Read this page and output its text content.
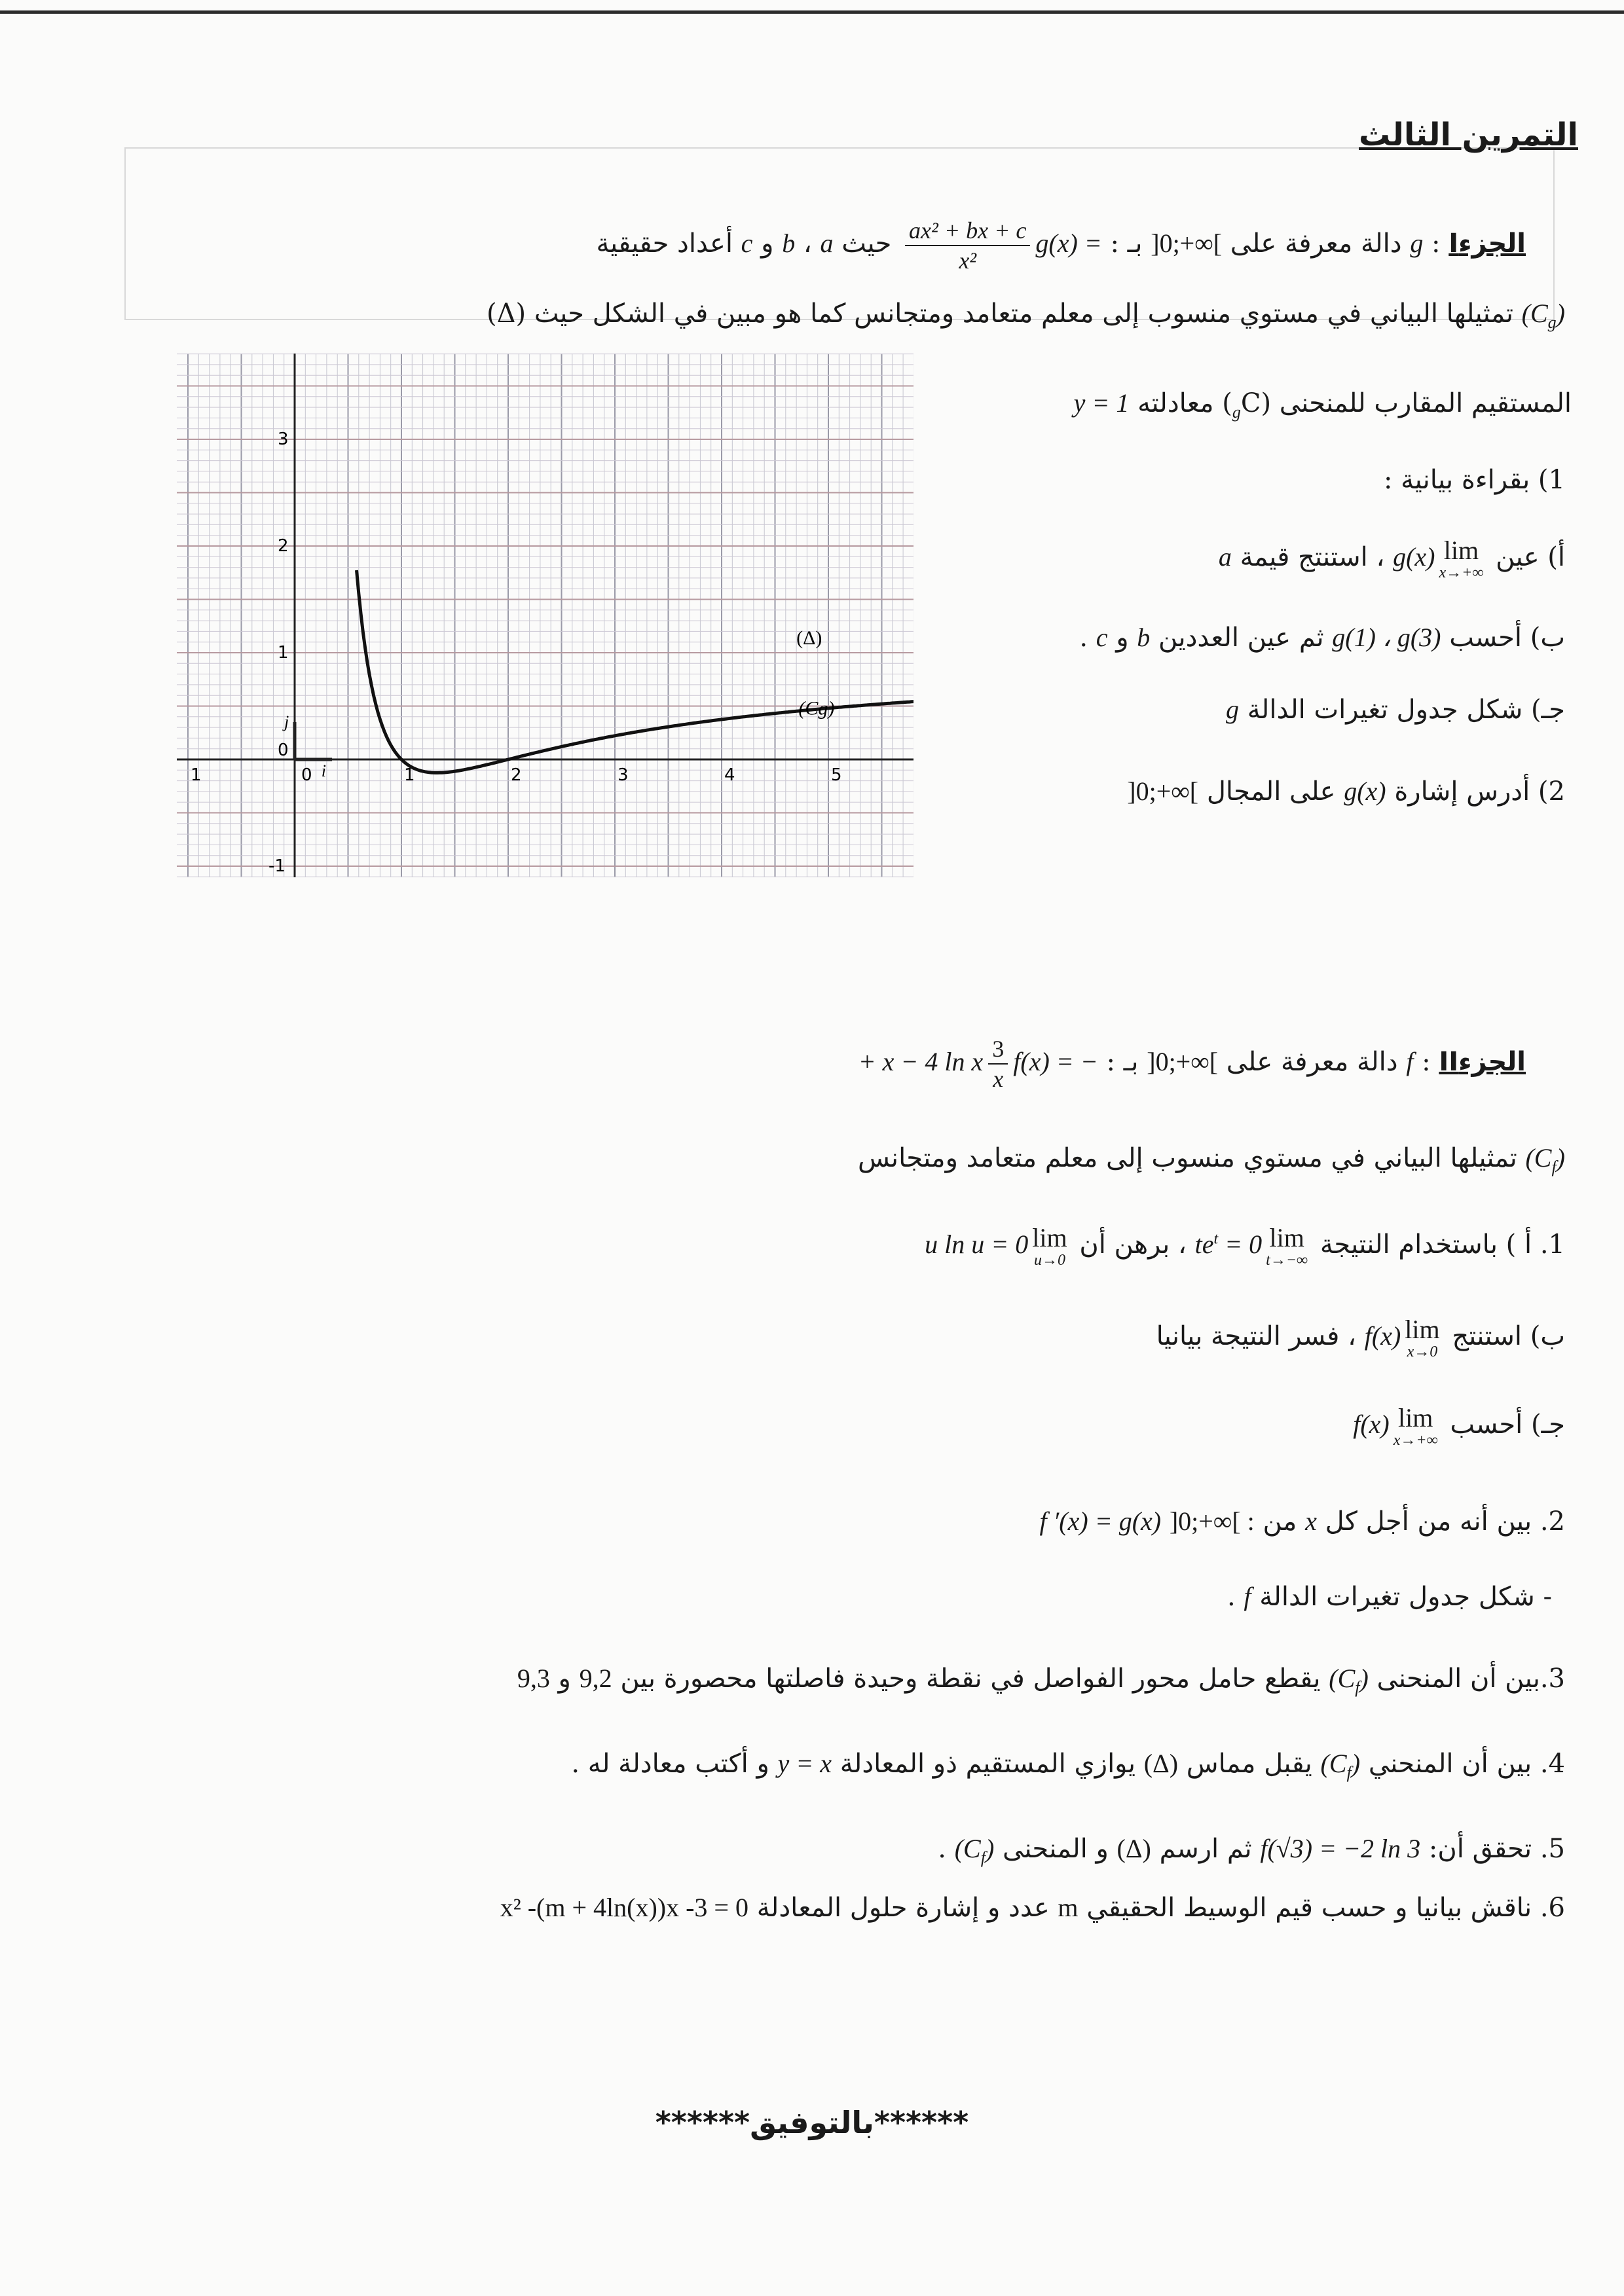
التمرين الثالث
الجزءI : g دالة معرفة على ]0;+∞[ بـ : g(x) =
$\frac{\text{ax² + bx + c}}{\text{x²}}$
حيث a ، b و c أعداد حقيقية
$(C_g)$ تمثيلها البياني في مستوي منسوب إلى معلم متعامد ومتجانس كما هو مبين في الشكل حيث (Δ)
المستقيم المقارب للمنحنى $(C_g)$ معادلته y = 1
1) بقراءة بيانية :
أ) عين
lim
x→+∞
g(x) ، استنتج قيمة a
ب) أحسب g(1) ، g(3) ثم عين العددين b و c .
جـ) شكل جدول تغيرات الدالة g
2) أدرس إشارة g(x) على المجال ]0;+∞[
1	0	1	2	3	4	5
3
2
1
0
-1
(Δ)
(Cg)
i
j
الجزءII : f دالة معرفة على ]0;+∞[ بـ : f(x) = −
$\frac{3}{x}$
+ x − 4 ln x
$(C_f)$ تمثيلها البياني في مستوي منسوب إلى معلم متعامد ومتجانس
1. أ ) باستخدام النتيجة
lim
t→−∞
$te^t = 0$ ، برهن أن
lim
u→0
u ln u = 0
ب) استنتج
lim
x→0
f(x) ، فسر النتيجة بيانيا
جـ) أحسب
lim
x→+∞
f(x)
2. بين أنه من أجل كل x من ]0;+∞[ : f ′(x) = g(x)
- شكل جدول تغيرات الدالة f .
3.بين أن المنحنى $(C_f)$ يقطع حامل محور الفواصل في نقطة وحيدة فاصلتها محصورة بين 9,2 و 9,3
4. بين أن المنحني $(C_f)$ يقبل مماس (Δ) يوازي المستقيم ذو المعادلة y = x و أكتب معادلة له .
5. تحقق أن: f(√3) = −2 ln 3 ثم ارسم (Δ) و المنحنى $(C_f)$ .
6. ناقش بيانيا و حسب قيم الوسيط الحقيقي m عدد و إشارة حلول المعادلة x² -(m + 4ln(x))x -3 = 0
******بالتوفيق******
